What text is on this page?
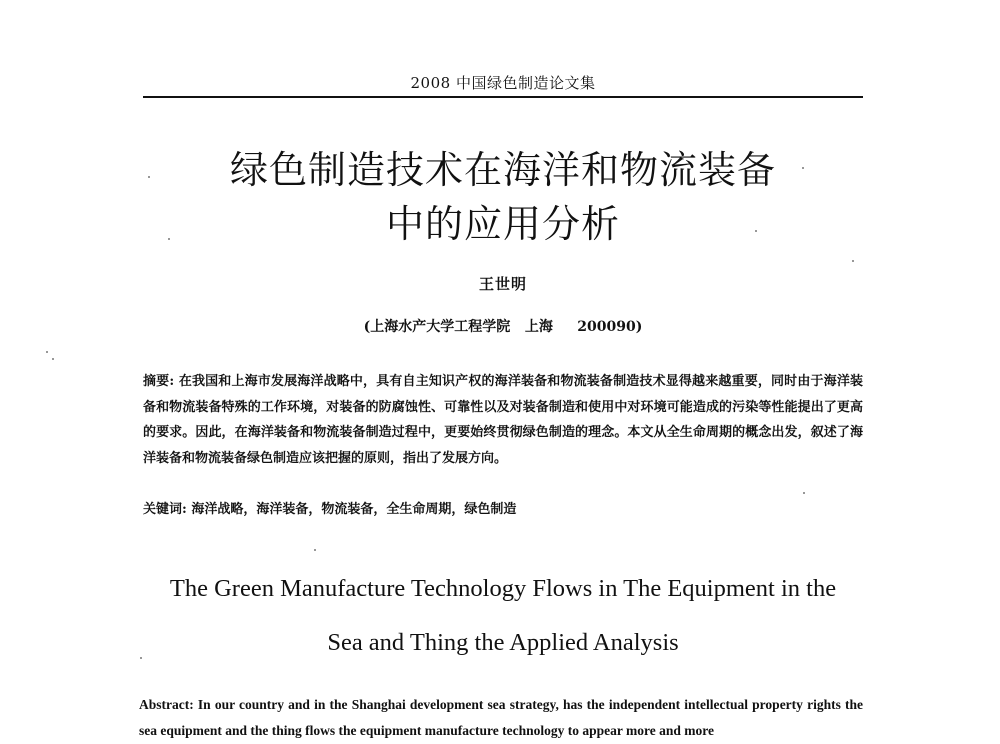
2008 中国绿色制造论文集
绿色制造技术在海洋和物流装备
中的应用分析
王世明
(上海水产大学工程学院   上海     200090)
摘要: 在我国和上海市发展海洋战略中，具有自主知识产权的海洋装备和物流装备制造技术显得越来越重要，同时由于海洋装备和物流装备特殊的工作环境，对装备的防腐蚀性、可靠性以及对装备制造和使用中对环境可能造成的污染等性能提出了更高的要求。因此，在海洋装备和物流装备制造过程中，更要始终贯彻绿色制造的理念。本文从全生命周期的概念出发，叙述了海洋装备和物流装备绿色制造应该把握的原则，指出了发展方向。
关键词: 海洋战略，海洋装备，物流装备，全生命周期，绿色制造
The Green Manufacture Technology Flows in The Equipment in the
Sea and Thing the Applied Analysis
Abstract: In our country and in the Shanghai development sea strategy, has the independent intellectual property rights the sea equipment and the thing flows the equipment manufacture technology to appear more and more
